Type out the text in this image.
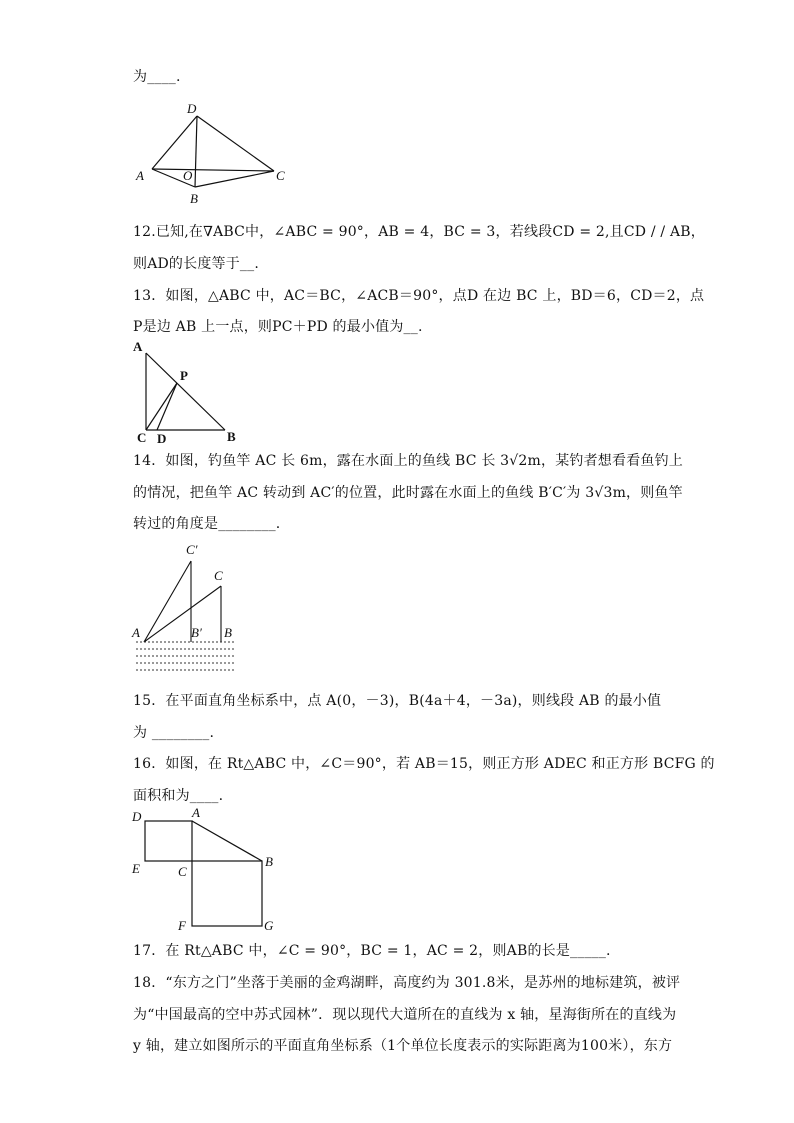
为____.
D
A	O	C
B
12.已知,在∇ABC中，∠ABC = 90°，AB = 4，BC = 3，若线段CD = 2,且CD / / AB，
则AD的长度等于__.
13．如图，△ABC 中，AC＝BC，∠ACB＝90°，点D 在边 BC 上，BD＝6，CD＝2，点
P是边 AB 上一点，则PC＋PD 的最小值为__.
A
P
C D	B
14．如图，钓鱼竿 AC 长 6m，露在水面上的鱼线 BC 长 3√2m，某钓者想看看鱼钓上
的情况，把鱼竿 AC 转动到 AC′的位置，此时露在水面上的鱼线 B′C′为 3√3m，则鱼竿
转过的角度是________.
C′
C
A	B′ B
15．在平面直角坐标系中，点 A(0，－3)，B(4a＋4，－3a)，则线段 AB 的最小值
为 ________.
16．如图，在 Rt△ABC 中，∠C＝90°，若 AB＝15，则正方形 ADEC 和正方形 BCFG 的
面积和为____.
D	A
E	C
B
F	G
17．在 Rt△ABC 中，∠C = 90°，BC = 1，AC = 2，则AB的长是_____.
18．“东方之门”坐落于美丽的金鸡湖畔，高度约为 301.8米，是苏州的地标建筑，被评
为“中国最高的空中苏式园林”．现以现代大道所在的直线为 x 轴，星海街所在的直线为
y 轴，建立如图所示的平面直角坐标系（1个单位长度表示的实际距离为100米），东方
